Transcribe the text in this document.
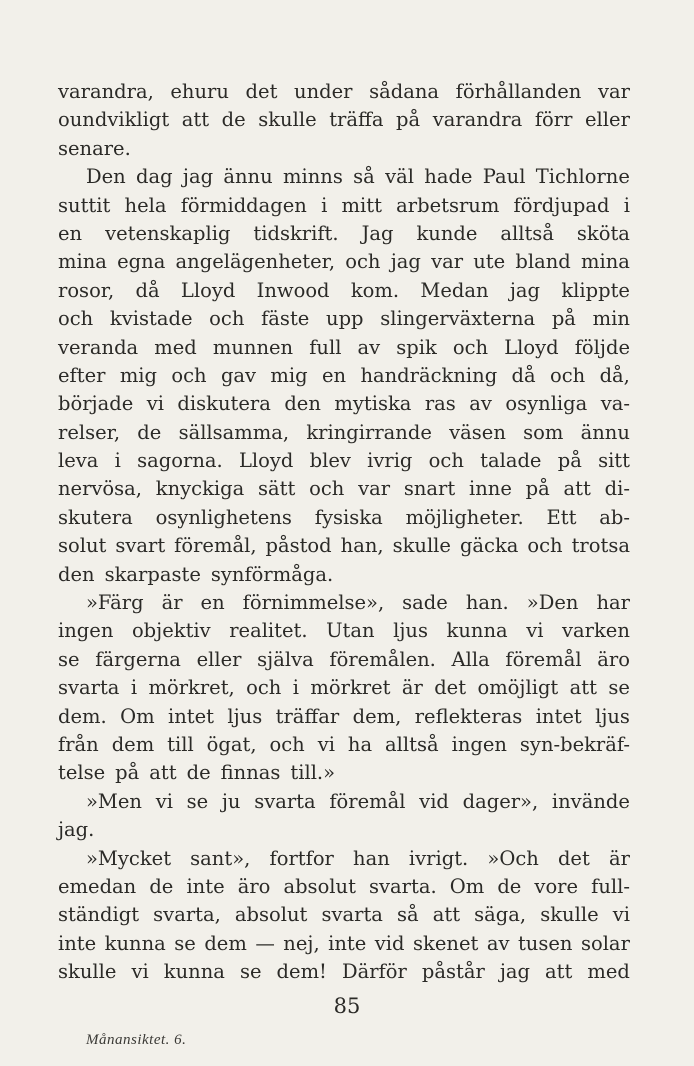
varandra, ehuru det under sådana förhållanden var
oundvikligt att de skulle träffa på varandra förr eller
senare.
Den dag jag ännu minns så väl hade Paul Tichlorne
suttit hela förmiddagen i mitt arbetsrum fördjupad i
en vetenskaplig tidskrift. Jag kunde alltså sköta
mina egna angelägenheter, och jag var ute bland mina
rosor, då Lloyd Inwood kom. Medan jag klippte
och kvistade och fäste upp slingerväxterna på min
veranda med munnen full av spik och Lloyd följde
efter mig och gav mig en handräckning då och då,
började vi diskutera den mytiska ras av osynliga va-
relser, de sällsamma, kringirrande väsen som ännu
leva i sagorna. Lloyd blev ivrig och talade på sitt
nervösa, knyckiga sätt och var snart inne på att di-
skutera osynlighetens fysiska möjligheter. Ett ab-
solut svart föremål, påstod han, skulle gäcka och trotsa
den skarpaste synförmåga.
»Färg är en förnimmelse», sade han. »Den har
ingen objektiv realitet. Utan ljus kunna vi varken
se färgerna eller själva föremålen. Alla föremål äro
svarta i mörkret, och i mörkret är det omöjligt att se
dem. Om intet ljus träffar dem, reflekteras intet ljus
från dem till ögat, och vi ha alltså ingen syn-bekräf-
telse på att de finnas till.»
»Men vi se ju svarta föremål vid dager», invände
jag.
»Mycket sant», fortfor han ivrigt. »Och det är
emedan de inte äro absolut svarta. Om de vore full-
ständigt svarta, absolut svarta så att säga, skulle vi
inte kunna se dem — nej, inte vid skenet av tusen solar
skulle vi kunna se dem! Därför påstår jag att med
85
Månansiktet. 6.
